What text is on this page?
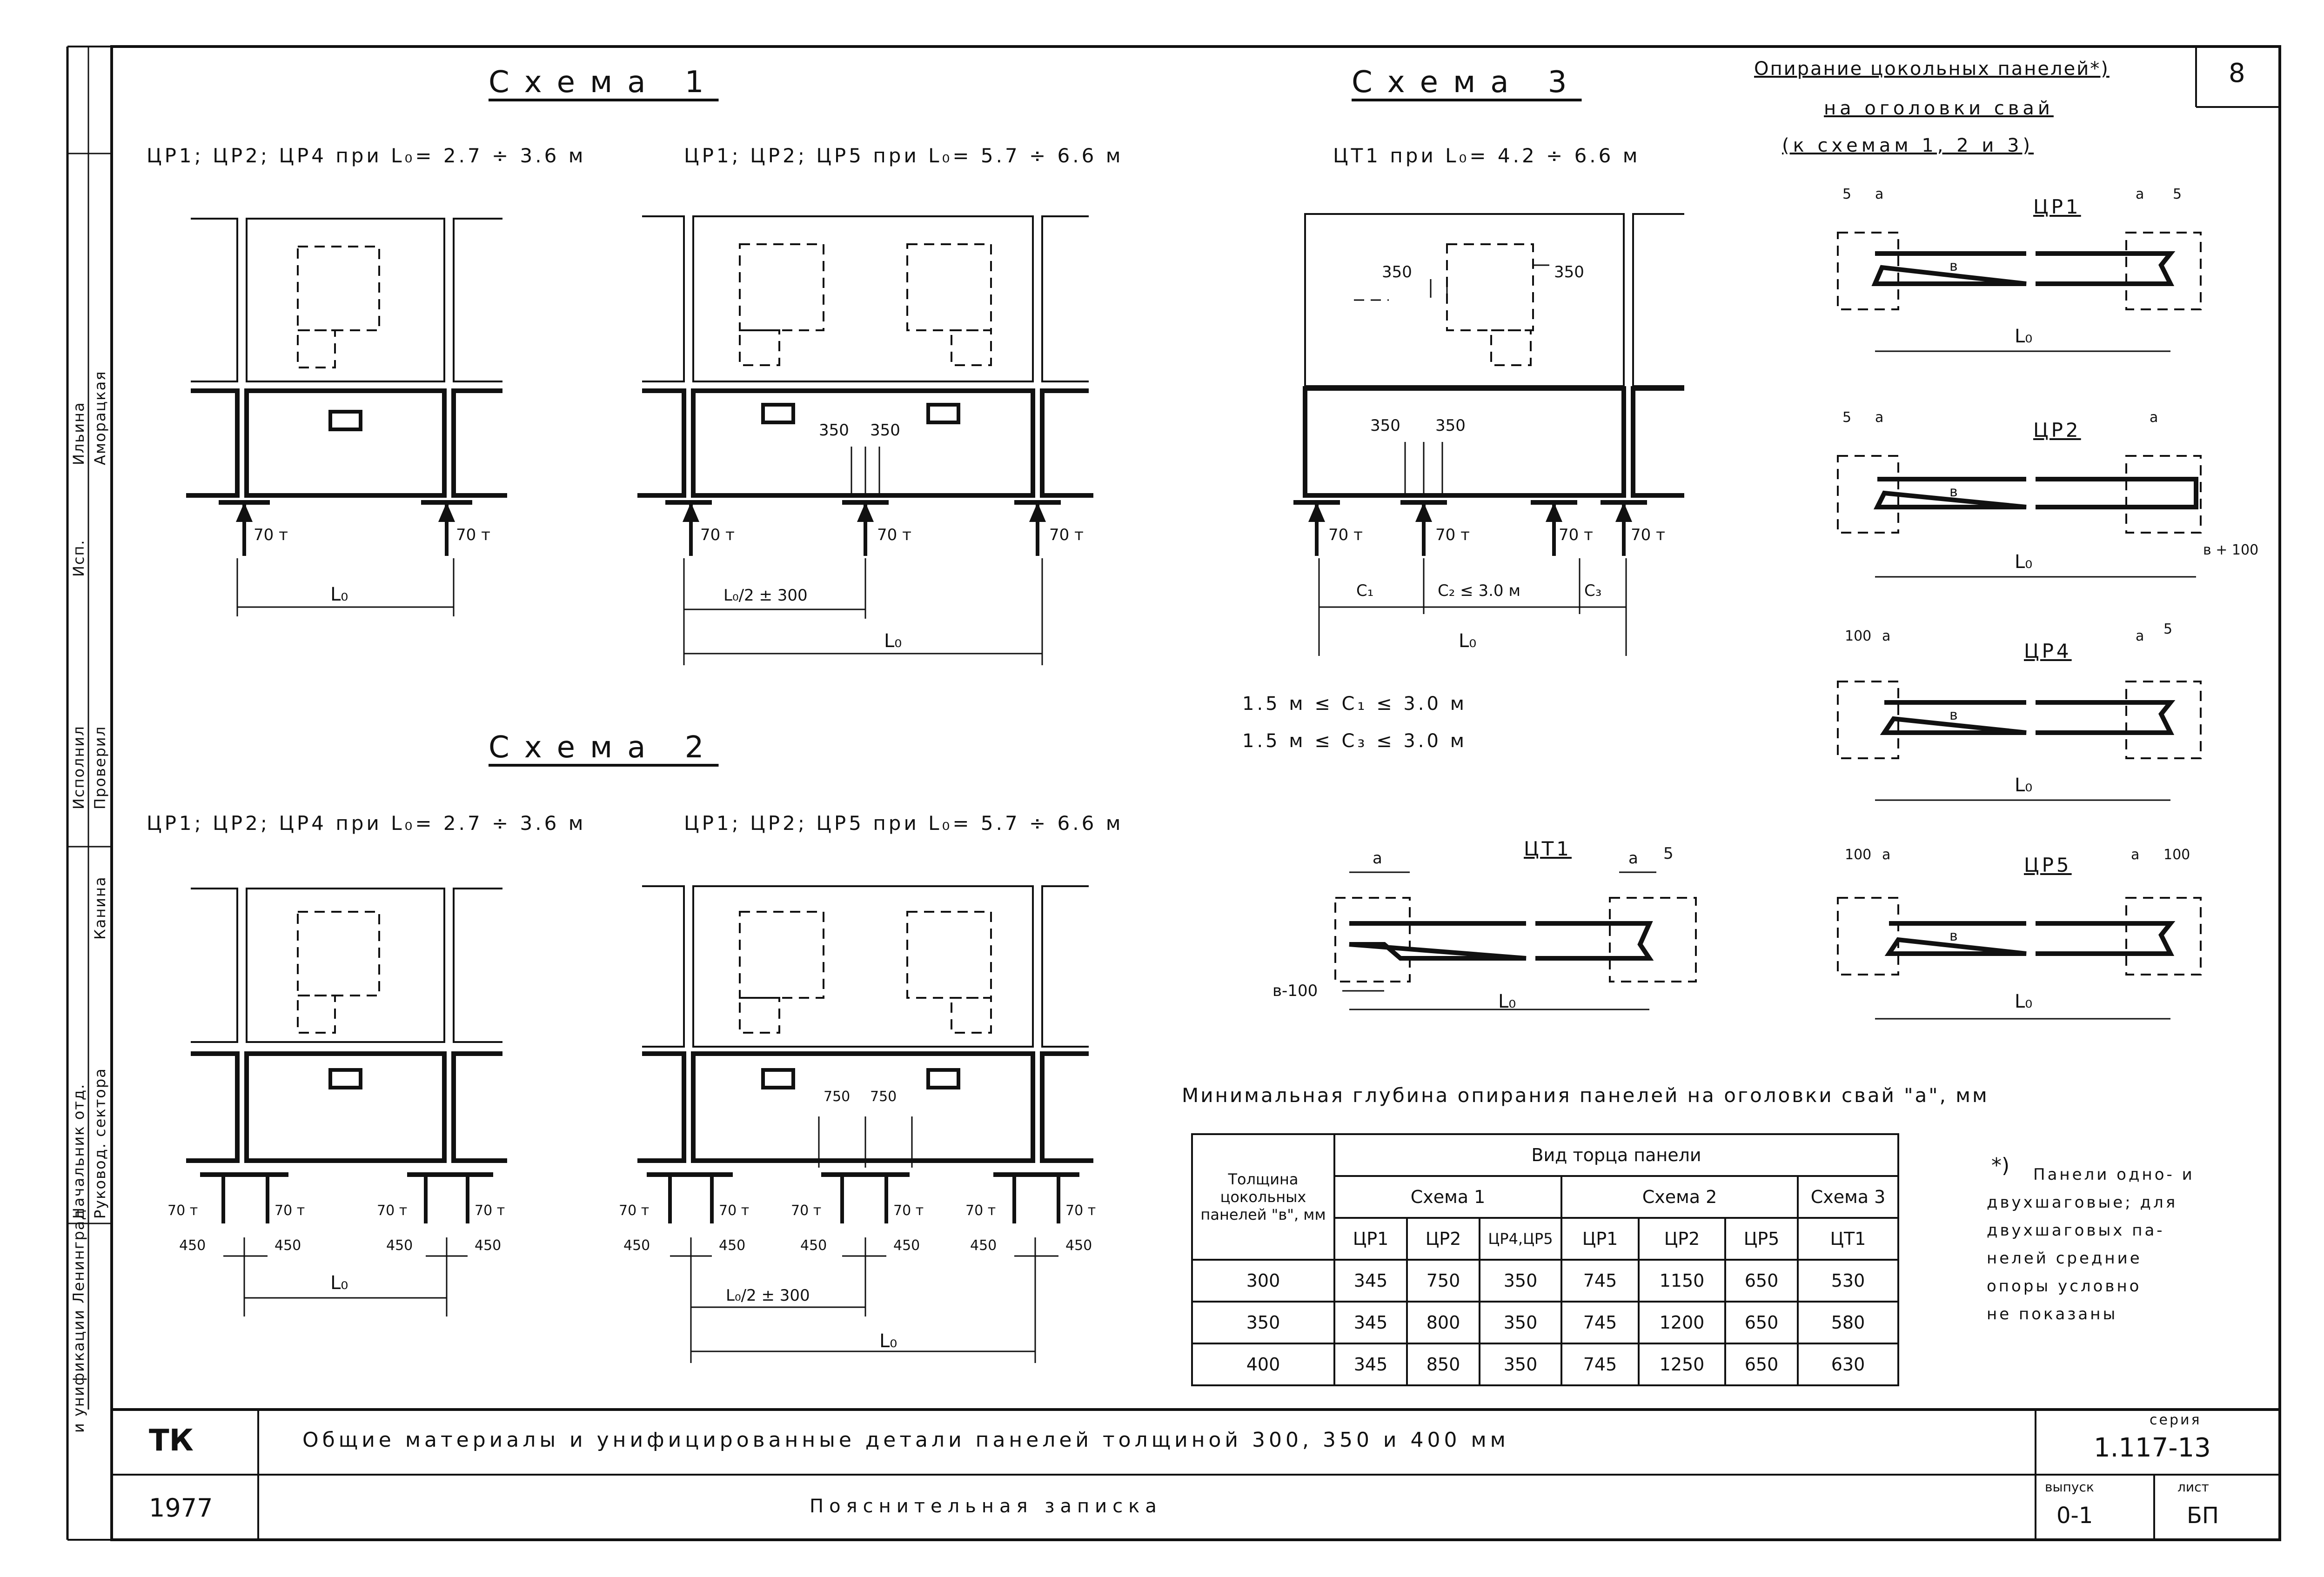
8
Исп.
Исполнил Проверил
Начальник отд. Руковод. сектора
и унификации Ленинград
Ильина Аморацкая
Канина
Схема 1
ЦР1; ЦР2; ЦР4 при L₀= 2.7 ÷ 3.6 м	ЦР1; ЦР2; ЦР5 при L₀= 5.7 ÷ 6.6 м
70 т	70 т
L₀
350 350
70 т	70 т	70 т
L₀/2 ± 300
L₀
Схема 3
ЦТ1 при L₀= 4.2 ÷ 6.6 м
350	350
350 350
70 т	70 т	70 т 70 т
C₁	C₂ ≤ 3.0 м	C₃
L₀
1.5 м ≤ C₁ ≤ 3.0 м
1.5 м ≤ C₃ ≤ 3.0 м
ЦТ1
a	a 5
в-100	L₀
Схема 2
ЦР1; ЦР2; ЦР4 при L₀= 2.7 ÷ 3.6 м	ЦР1; ЦР2; ЦР5 при L₀= 5.7 ÷ 6.6 м
70 т	70 т	70 т	70 т
450	450	450	450
L₀
750 750
70 т	70 т	70 т	70 т	70 т	70 т
450	450	450	450	450	450
L₀/2 ± 300
L₀
Опирание цокольных панелей*)
на оголовки свай
(к схемам 1, 2 и 3)
ЦР1
5 a	a 5
в
L₀
ЦР2
5 a	a
в
в + 100
L₀
ЦР4
100 a	a 5
в
L₀
ЦР5
100 a	a 100
в
L₀
Минимальная глубина опирания панелей на оголовки свай "a", мм
Толщина цокольных панелей "в", мм	Вид торца панели						
	Схема 1			Схема 2			Схема 3
	ЦР1	ЦР2	ЦР4,ЦР5	ЦР1	ЦР2	ЦР5	ЦТ1
300	345	750	350	745	1150	650	530
350	345	800	350	745	1200	650	580
400	345	850	350	745	1250	650	630
*) Панели одно- и
двухшаговые; для
двухшаговых па-
нелей средние
опоры условно
не показаны
ТК
1977
Общие материалы и унифицированные детали панелей толщиной 300, 350 и 400 мм
Пояснительная записка
серия
1.117-13
выпуск
0-1
лист
БП
